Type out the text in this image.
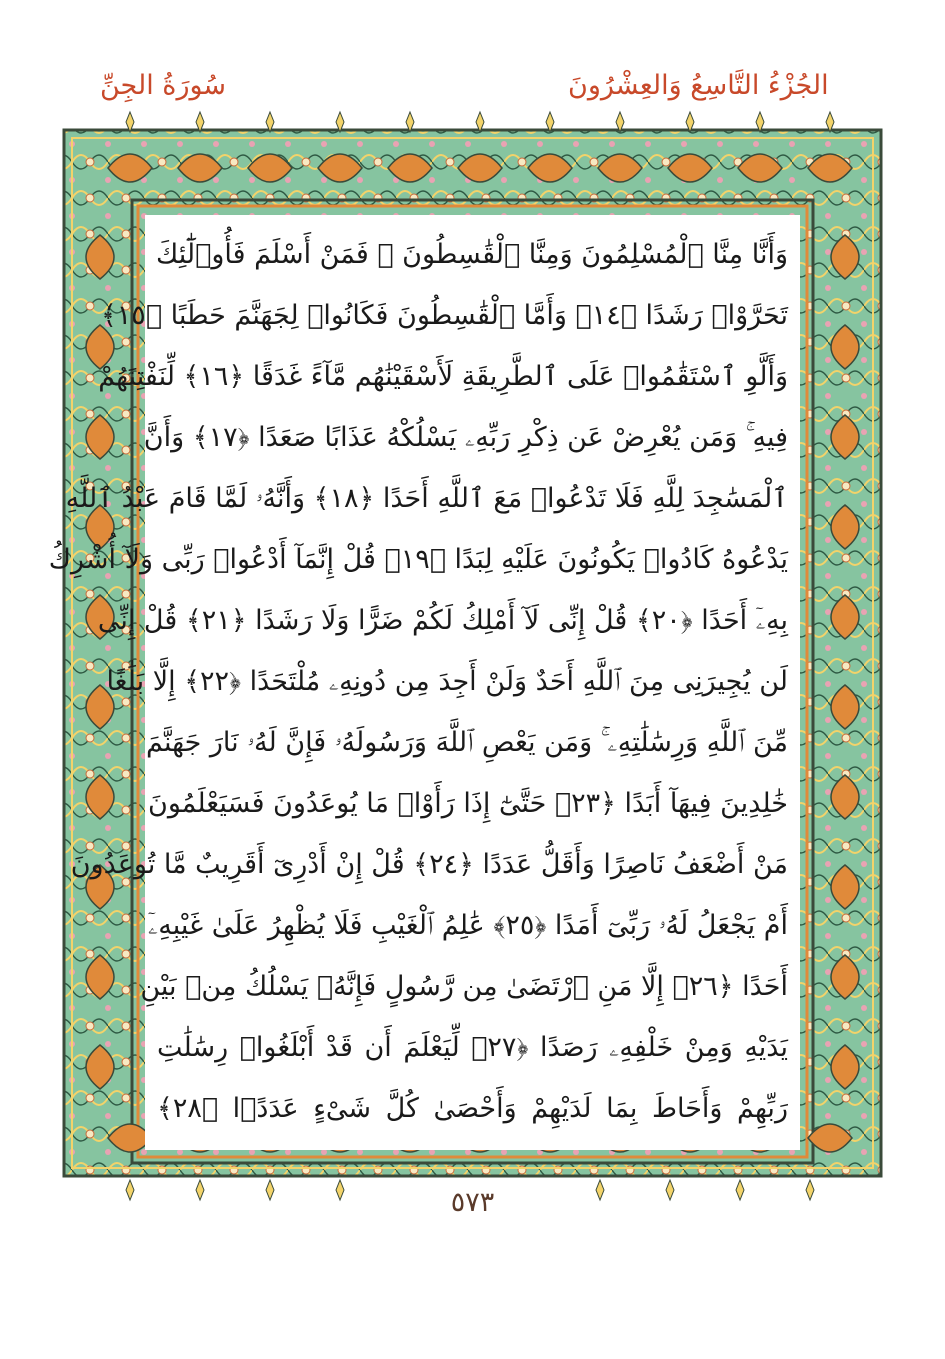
الجُزْءُ التَّاسِعُ وَالعِشْرُونَ
سُورَةُ الجِنِّ
وَأَنَّا مِنَّا ٱلْمُسْلِمُونَ وَمِنَّا ٱلْقَٰسِطُونَ ۖ فَمَنْ أَسْلَمَ فَأُو۟لَٰٓئِكَ
تَحَرَّوْا۟ رَشَدًا ﴿١٤﴾ وَأَمَّا ٱلْقَٰسِطُونَ فَكَانُوا۟ لِجَهَنَّمَ حَطَبًا ﴿١٥﴾
وَأَلَّوِ ٱسْتَقَٰمُوا۟ عَلَى ٱلطَّرِيقَةِ لَأَسْقَيْنَٰهُم مَّآءً غَدَقًا ﴿١٦﴾ لِّنَفْتِنَهُمْ
فِيهِ ۚ وَمَن يُعْرِضْ عَن ذِكْرِ رَبِّهِۦ يَسْلُكْهُ عَذَابًا صَعَدًا ﴿١٧﴾ وَأَنَّ
ٱلْمَسَٰجِدَ لِلَّهِ فَلَا تَدْعُوا۟ مَعَ ٱللَّهِ أَحَدًا ﴿١٨﴾ وَأَنَّهُۥ لَمَّا قَامَ عَبْدُ ٱللَّهِ
يَدْعُوهُ كَادُوا۟ يَكُونُونَ عَلَيْهِ لِبَدًا ﴿١٩﴾ قُلْ إِنَّمَآ أَدْعُوا۟ رَبِّى وَلَآ أُشْرِكُ
بِهِۦٓ أَحَدًا ﴿٢٠﴾ قُلْ إِنِّى لَآ أَمْلِكُ لَكُمْ ضَرًّا وَلَا رَشَدًا ﴿٢١﴾ قُلْ إِنِّى
لَن يُجِيرَنِى مِنَ ٱللَّهِ أَحَدٌ وَلَنْ أَجِدَ مِن دُونِهِۦ مُلْتَحَدًا ﴿٢٢﴾ إِلَّا بَلَٰغًا
مِّنَ ٱللَّهِ وَرِسَٰلَٰتِهِۦ ۚ وَمَن يَعْصِ ٱللَّهَ وَرَسُولَهُۥ فَإِنَّ لَهُۥ نَارَ جَهَنَّمَ
خَٰلِدِينَ فِيهَآ أَبَدًا ﴿٢٣﴾ حَتَّىٰٓ إِذَا رَأَوْا۟ مَا يُوعَدُونَ فَسَيَعْلَمُونَ
مَنْ أَضْعَفُ نَاصِرًا وَأَقَلُّ عَدَدًا ﴿٢٤﴾ قُلْ إِنْ أَدْرِىٓ أَقَرِيبٌ مَّا تُوعَدُونَ
أَمْ يَجْعَلُ لَهُۥ رَبِّىٓ أَمَدًا ﴿٢٥﴾ عَٰلِمُ ٱلْغَيْبِ فَلَا يُظْهِرُ عَلَىٰ غَيْبِهِۦٓ
أَحَدًا ﴿٢٦﴾ إِلَّا مَنِ ٱرْتَضَىٰ مِن رَّسُولٍ فَإِنَّهُۥ يَسْلُكُ مِنۢ بَيْنِ
يَدَيْهِ وَمِنْ خَلْفِهِۦ رَصَدًا ﴿٢٧﴾ لِّيَعْلَمَ أَن قَدْ أَبْلَغُوا۟ رِسَٰلَٰتِ
رَبِّهِمْ وَأَحَاطَ بِمَا لَدَيْهِمْ وَأَحْصَىٰ كُلَّ شَىْءٍ عَدَدًۢا ﴿٢٨﴾
٥٧٣
